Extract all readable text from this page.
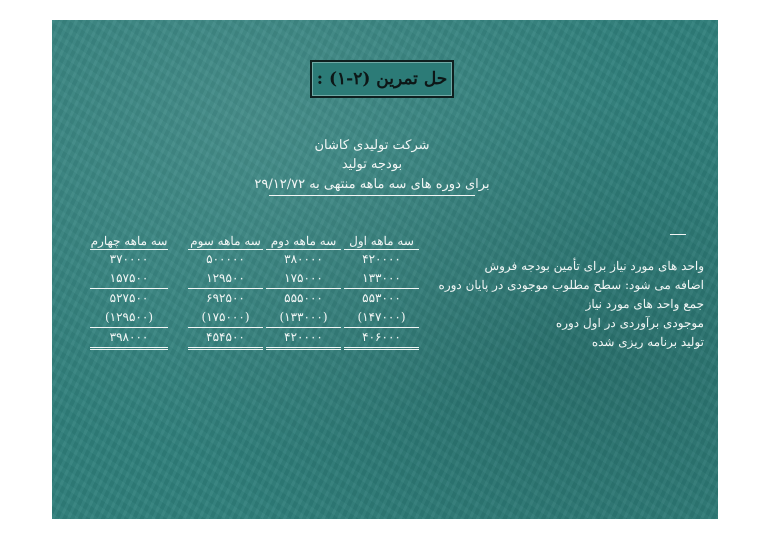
حل تمرین (۲-۱) :
شرکت تولیدی کاشان
بودجه تولید
برای دوره های سه ماهه منتهی به ۲۹/۱۲/۷۲
سه ماهه اول
۴۲۰۰۰۰
۱۳۳۰۰۰
۵۵۳۰۰۰
(۱۴۷۰۰۰)
۴۰۶۰۰۰
سه ماهه دوم
۳۸۰۰۰۰
۱۷۵۰۰۰
۵۵۵۰۰۰
(۱۳۳۰۰۰)
۴۲۰۰۰۰
سه ماهه سوم
۵۰۰۰۰۰
۱۲۹۵۰۰
۶۹۲۵۰۰
(۱۷۵۰۰۰)
۴۵۴۵۰۰
سه ماهه چهارم
۳۷۰۰۰۰
۱۵۷۵۰۰
۵۲۷۵۰۰
(۱۲۹۵۰۰)
۳۹۸۰۰۰
واحد های مورد نیاز برای تأمین بودجه فروش
اضافه می شود: سطح مطلوب موجودی در پایان دوره
جمع واحد های مورد نیاز
موجودی برآوردی در اول دوره
تولید برنامه ریزی شده
